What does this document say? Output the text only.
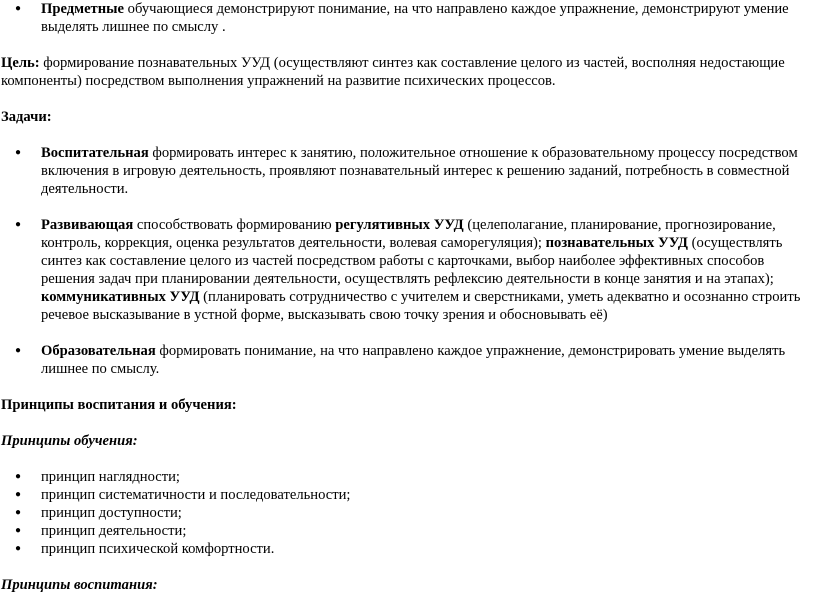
● Предметные обучающиеся демонстрируют понимание, на что направлено каждое упражнение, демонстрируют умение выделять лишнее по смыслу .
Цель: формирование познавательных УУД (осуществляют синтез как составление целого из частей, восполняя недостающие компоненты) посредством выполнения упражнений на развитие психических процессов.
Задачи:
● Воспитательная формировать интерес к занятию, положительное отношение к образовательному процессу посредством включения в игровую деятельность, проявляют познавательный интерес к решению заданий, потребность в совместной деятельности.
● Развивающая способствовать формированию регулятивных УУД (целеполагание, планирование, прогнозирование, контроль, коррекция, оценка результатов деятельности, волевая саморегуляция); познавательных УУД (осуществлять синтез как составление целого из частей посредством работы с карточками, выбор наиболее эффективных способов решения задач при планировании деятельности, осуществлять рефлексию деятельности в конце занятия и на этапах); коммуникативных УУД (планировать сотрудничество с учителем и сверстниками, уметь адекватно и осознанно строить речевое высказывание в устной форме, высказывать свою точку зрения и обосновывать её)
● Образовательная формировать понимание, на что направлено каждое упражнение, демонстрировать умение выделять лишнее по смыслу.
Принципы воспитания и обучения:
Принципы обучения:
● принцип наглядности;
● принцип систематичности и последовательности;
● принцип доступности;
● принцип деятельности;
● принцип психической комфортности.
Принципы воспитания:
